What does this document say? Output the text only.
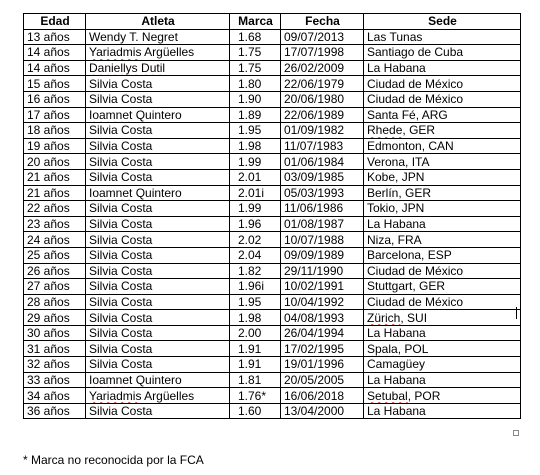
Edad	Atleta	Marca	Fecha	Sede
13 años	Wendy T. Negret	1.68	09/07/2013	Las Tunas
14 años	Yariadmis Argüelles	1.75	17/07/1998	Santiago de Cuba
14 años	Daniellys Dutil	1.75	26/02/2009	La Habana
15 años	Silvia Costa	1.80	22/06/1979	Ciudad de México
16 años	Silvia Costa	1.90	20/06/1980	Ciudad de México
17 años	Ioamnet Quintero	1.89	22/06/1989	Santa Fé, ARG
18 años	Silvia Costa	1.95	01/09/1982	Rhede, GER
19 años	Silvia Costa	1.98	11/07/1983	Edmonton, CAN
20 años	Silvia Costa	1.99	01/06/1984	Verona, ITA
21 años	Silvia Costa	2.01	03/09/1985	Kobe, JPN
21 años	Ioamnet Quintero	2.01i	05/03/1993	Berlín, GER
22 años	Silvia Costa	1.99	11/06/1986	Tokio, JPN
23 años	Silvia Costa	1.96	01/08/1987	La Habana
24 años	Silvia Costa	2.02	10/07/1988	Niza, FRA
25 años	Silvia Costa	2.04	09/09/1989	Barcelona, ESP
26 años	Silvia Costa	1.82	29/11/1990	Ciudad de México
27 años	Silvia Costa	1.96i	10/02/1991	Stuttgart, GER
28 años	Silvia Costa	1.95	10/04/1992	Ciudad de México
29 años	Silvia Costa	1.98	04/08/1993	Zürich, SUI
30 años	Silvia Costa	2.00	26/04/1994	La Habana
31 años	Silvia Costa	1.91	17/02/1995	Spala, POL
32 años	Silvia Costa	1.91	19/01/1996	Camagüey
33 años	Ioamnet Quintero	1.81	20/05/2005	La Habana
34 años	Yariadmis Argüelles	1.76*	16/06/2018	Setubal, POR
36 años	Silvia Costa	1.60	13/04/2000	La Habana
* Marca no reconocida por la FCA
